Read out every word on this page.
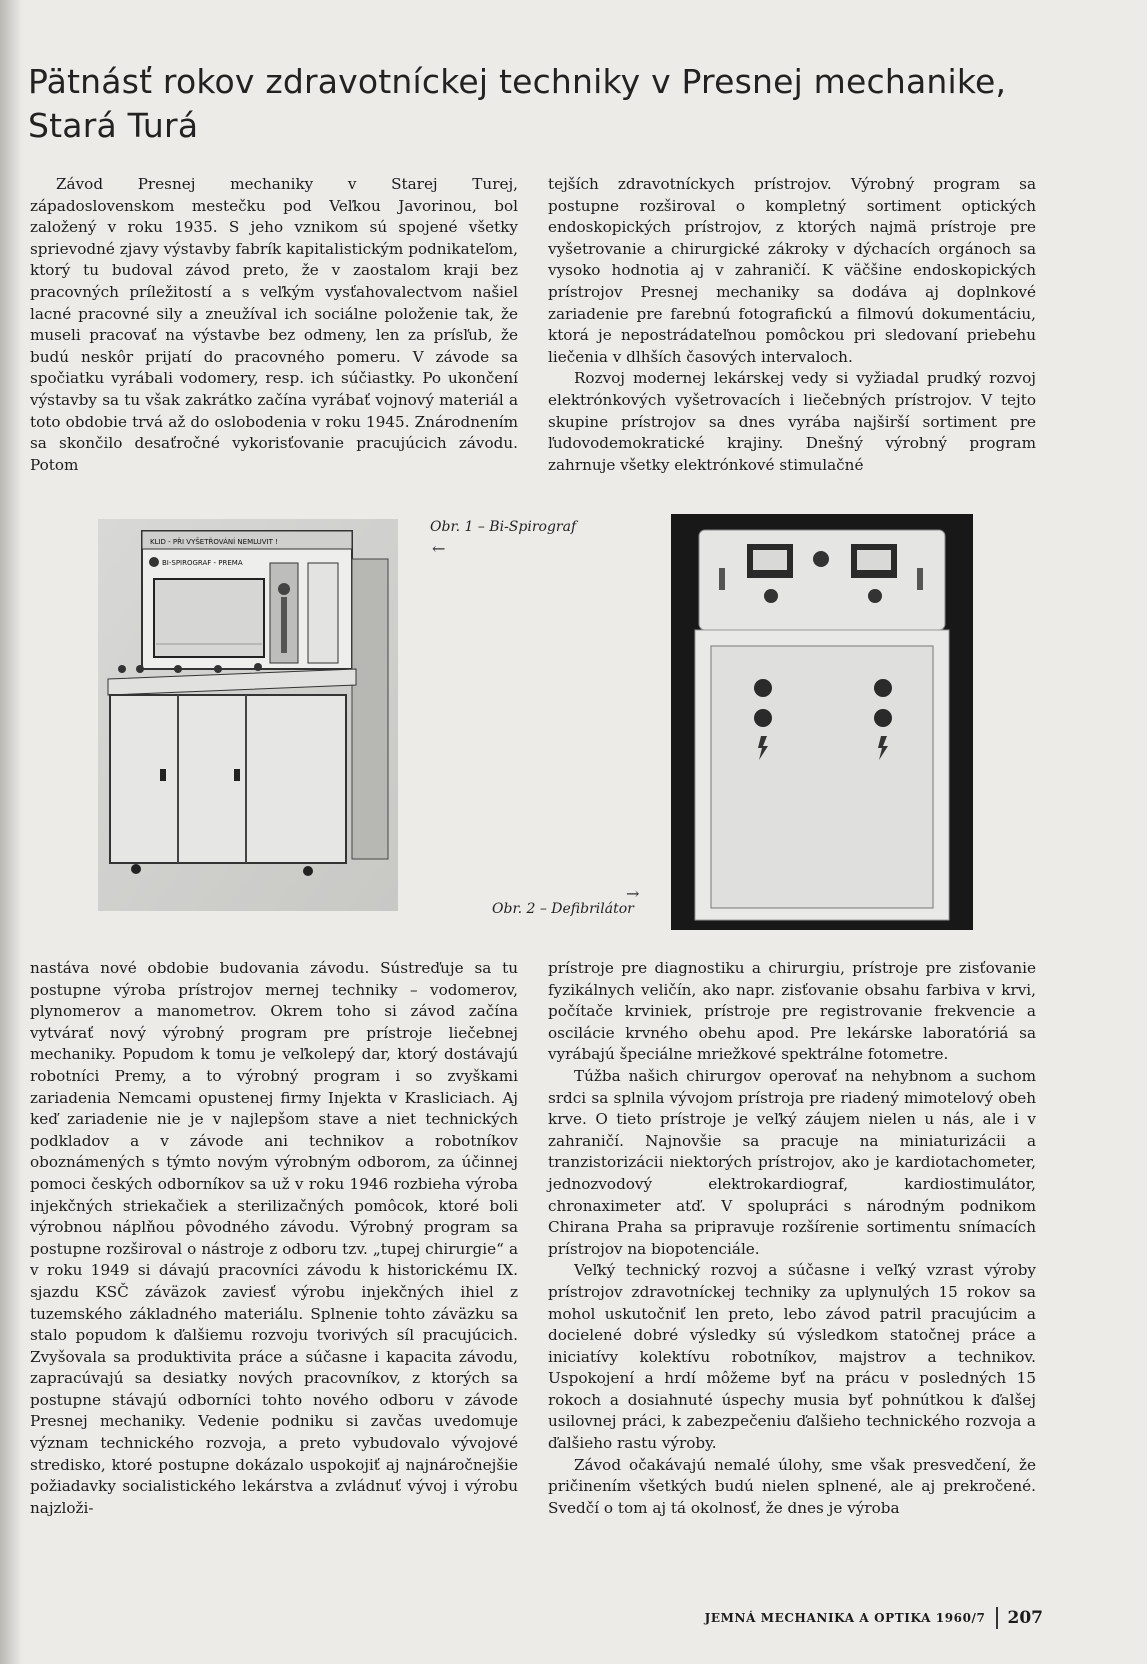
Pätnásť rokov zdravotníckej techniky v Presnej mechanike,
Stará Turá

Závod Presnej mechaniky v Starej Turej, západoslovenskom mestečku pod Veľkou Javorinou, bol založený v roku 1935. S jeho vznikom sú spojené všetky sprievodné zjavy výstavby fabrík kapitalistickým podnikateľom, ktorý tu budoval závod preto, že v zaostalom kraji bez pracovných príležitostí a s veľkým vysťahovalectvom našiel lacné pracovné sily a zneužíval ich sociálne položenie tak, že museli pracovať na výstavbe bez odmeny, len za prísľub, že budú neskôr prijatí do pracovného pomeru. V závode sa spočiatku vyrábali vodomery, resp. ich súčiastky. Po ukončení výstavby sa tu však zakrátko začína vyrábať vojnový materiál a toto obdobie trvá až do oslobodenia v roku 1945. Znárodnením sa skončilo desaťročné vykorisťovanie pracujúcich závodu. Potom

tejších zdravotníckych prístrojov. Výrobný program sa postupne rozširoval o kompletný sortiment optických endoskopických prístrojov, z ktorých najmä prístroje pre vyšetrovanie a chirurgické zákroky v dýchacích orgánoch sa vysoko hodnotia aj v zahraničí. K väčšine endoskopických prístrojov Presnej mechaniky sa dodáva aj doplnkové zariadenie pre farebnú fotografickú a filmovú dokumentáciu, ktorá je nepostrádateľnou pomôckou pri sledovaní priebehu liečenia v dlhších časových intervaloch.

Rozvoj modernej lekárskej vedy si vyžiadal prudký rozvoj elektrónkových vyšetrovacích i liečebných prístrojov. V tejto skupine prístrojov sa dnes vyrába najširší sortiment pre ľudovodemokratické krajiny. Dnešný výrobný program zahrnuje všetky elektrónkové stimulačné

KLID - PŘI VYŠETŘOVÁNÍ NEMLUVIT !
BI-SPIROGRAF - PREMA
Obr. 1 – Bi-Spirograf
←
Obr. 2 – Defibrilátor
→

nastáva nové obdobie budovania závodu. Sústreďuje sa tu postupne výroba prístrojov mernej techniky – vodomerov, plynomerov a manometrov. Okrem toho si závod začína vytvárať nový výrobný program pre prístroje liečebnej mechaniky. Popudom k tomu je veľkolepý dar, ktorý dostávajú robotníci Premy, a to výrobný program i so zvyškami zariadenia Nemcami opustenej firmy Injekta v Krasliciach. Aj keď zariadenie nie je v najlepšom stave a niet technických podkladov a v závode ani technikov a robotníkov oboznámených s týmto novým výrobným odborom, za účinnej pomoci českých odborníkov sa už v roku 1946 rozbieha výroba injekčných striekačiek a sterilizačných pomôcok, ktoré boli výrobnou náplňou pôvodného závodu. Výrobný program sa postupne rozširoval o nástroje z odboru tzv. „tupej chirurgie“ a v roku 1949 si dávajú pracovníci závodu k historickému IX. sjazdu KSČ záväzok zaviesť výrobu injekčných ihiel z tuzemského základného materiálu. Splnenie tohto záväzku sa stalo popudom k ďalšiemu rozvoju tvorivých síl pracujúcich. Zvyšovala sa produktivita práce a súčasne i kapacita závodu, zapracúvajú sa desiatky nových pracovníkov, z ktorých sa postupne stávajú odborníci tohto nového odboru v závode Presnej mechaniky. Vedenie podniku si zavčas uvedomuje význam technického rozvoja, a preto vybudovalo vývojové stredisko, ktoré postupne dokázalo uspokojiť aj najnáročnejšie požiadavky socialistického lekárstva a zvládnuť vývoj i výrobu najzloži-

prístroje pre diagnostiku a chirurgiu, prístroje pre zisťovanie fyzikálnych veličín, ako napr. zisťovanie obsahu farbiva v krvi, počítače krviniek, prístroje pre registrovanie frekvencie a oscilácie krvného obehu apod. Pre lekárske laboratóriá sa vyrábajú špeciálne mriežkové spektrálne fotometre.

Túžba našich chirurgov operovať na nehybnom a suchom srdci sa splnila vývojom prístroja pre riadený mimotelový obeh krve. O tieto prístroje je veľký záujem nielen u nás, ale i v zahraničí. Najnovšie sa pracuje na miniaturizácii a tranzistorizácii niektorých prístrojov, ako je kardiotachometer, jednozvodový elektrokardiograf, kardiostimulátor, chronaximeter atď. V spolupráci s národným podnikom Chirana Praha sa pripravuje rozšírenie sortimentu snímacích prístrojov na biopotenciále.

Veľký technický rozvoj a súčasne i veľký vzrast výroby prístrojov zdravotníckej techniky za uplynulých 15 rokov sa mohol uskutočniť len preto, lebo závod patril pracujúcim a docielené dobré výsledky sú výsledkom statočnej práce a iniciatívy kolektívu robotníkov, majstrov a technikov. Uspokojení a hrdí môžeme byť na prácu v posledných 15 rokoch a dosiahnuté úspechy musia byť pohnútkou k ďalšej usilovnej práci, k zabezpečeniu ďalšieho technického rozvoja a ďalšieho rastu výroby.

Závod očakávajú nemalé úlohy, sme však presvedčení, že pričinením všetkých budú nielen splnené, ale aj prekročené. Svedčí o tom aj tá okolnosť, že dnes je výroba

JEMNÁ MECHANIKA A OPTIKA 1960/7 207
